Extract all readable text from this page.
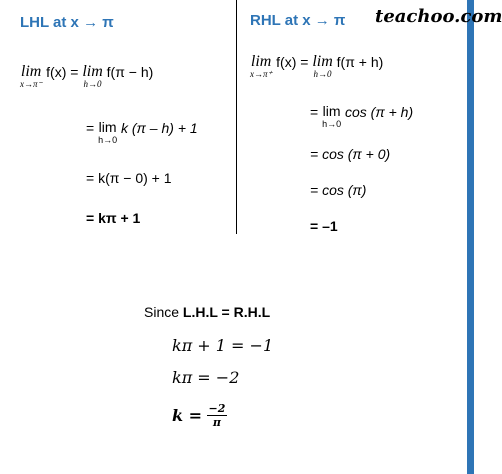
teachoo.com
LHL at x → π
lim
x→π⁻
f(x) = lim
h→0
f(π − h)
= lim
h→0
k (π – h) + 1
= k(π − 0) + 1
= kπ + 1
RHL at x → π
lim
x→π⁺
f(x) = lim
h→0
f(π + h)
= lim
h→0
cos (π + h)
= cos (π + 0)
= cos (π)
= –1
Since L.H.L = R.H.L
kπ + 1 = −1
kπ = −2
$k = \frac{-2}{\pi}$
